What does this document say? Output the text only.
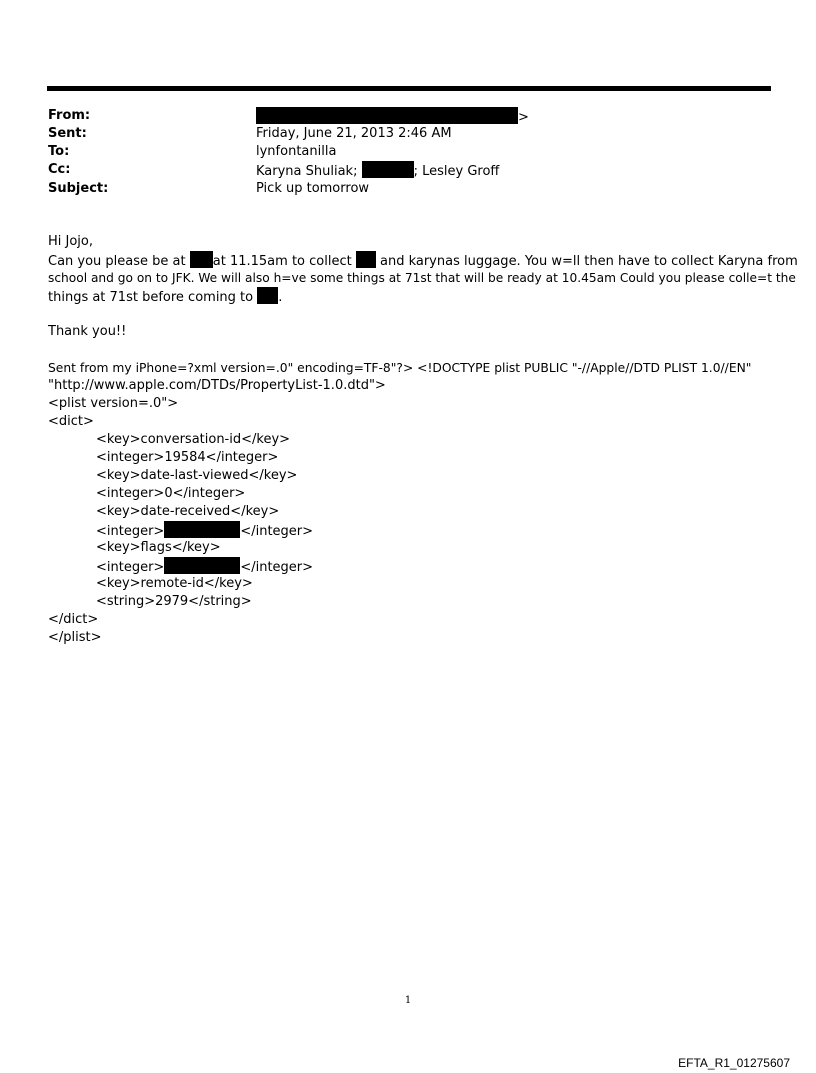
From:	>
Sent:	Friday, June 21, 2013 2:46 AM
To:	lynfontanilla
Cc:	Karyna Shuliak;	; Lesley Groff
Subject:	Pick up tomorrow
Hi Jojo,
Can you please be at at 11.15am to collect and karynas luggage. You w=ll then have to collect Karyna from
school and go on to JFK. We will also h=ve some things at 71st that will be ready at 10.45am Could you please colle=t the
things at 71st before coming to .
Thank you!!
Sent from my iPhone=?xml version=.0" encoding=TF-8"?> <!DOCTYPE plist PUBLIC "-//Apple//DTD PLIST 1.0//EN"
"http://www.apple.com/DTDs/PropertyList-1.0.dtd">
<plist version=.0">
<dict>
<key>conversation-id</key>
<integer>19584</integer>
<key>date-last-viewed</key>
<integer>0</integer>
<key>date-received</key>
<integer>	</integer>
<key>flags</key>
<integer>	</integer>
<key>remote-id</key>
<string>2979</string>
</dict>
</plist>
1
EFTA_R1_01275607
